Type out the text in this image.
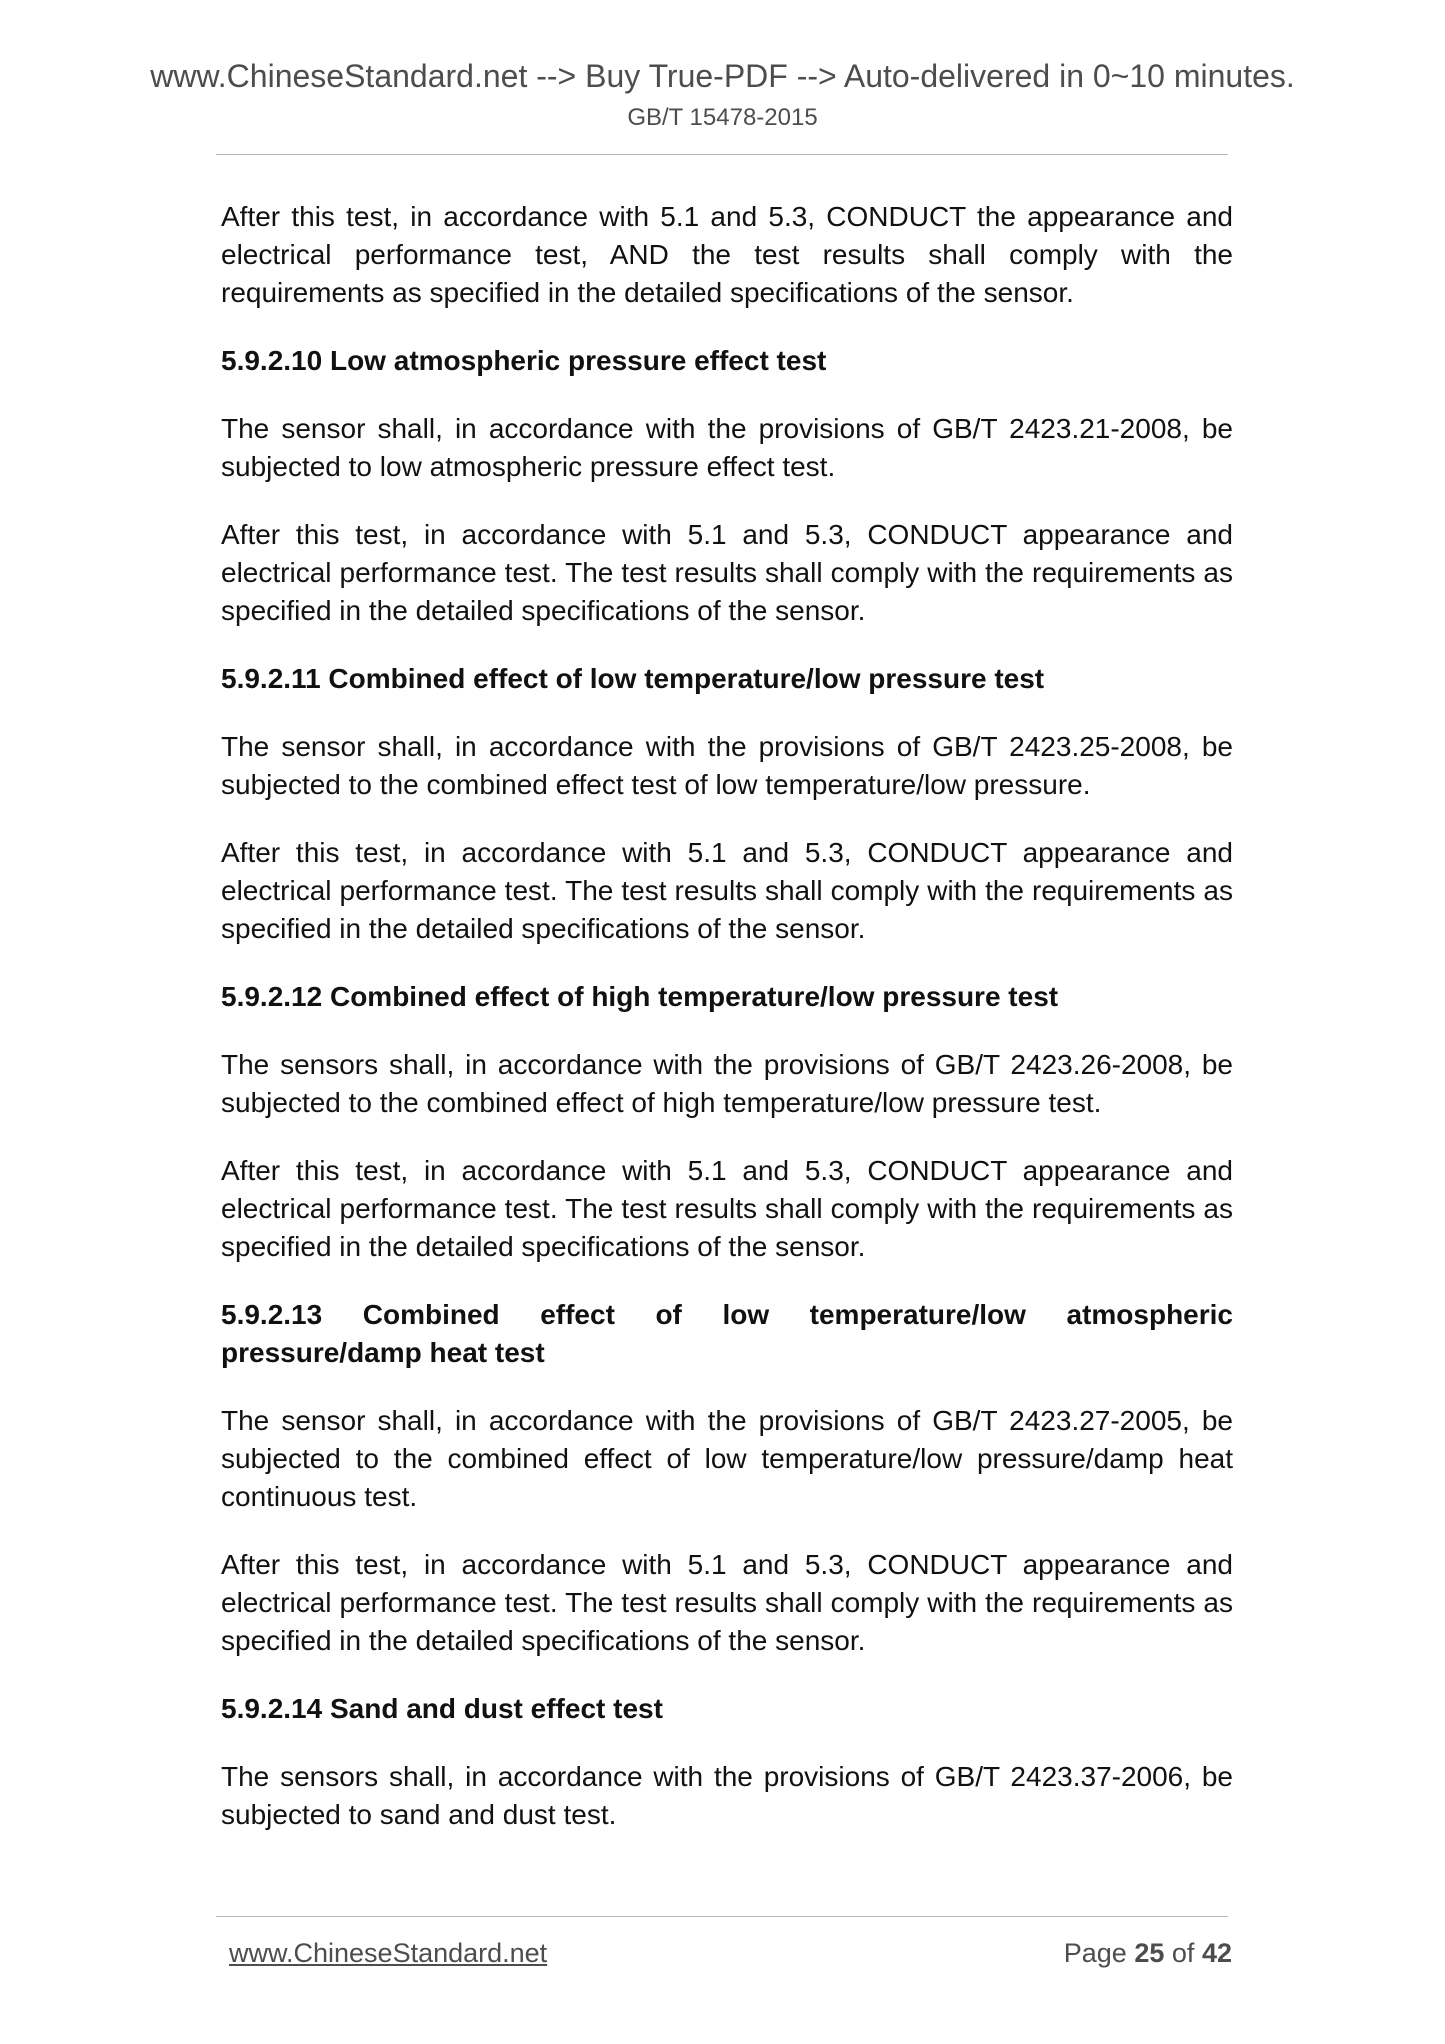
www.ChineseStandard.net --> Buy True-PDF --> Auto-delivered in 0~10 minutes.
GB/T 15478-2015

After this test, in accordance with 5.1 and 5.3, CONDUCT the appearance and electrical performance test, AND the test results shall comply with the requirements as specified in the detailed specifications of the sensor.

5.9.2.10 Low atmospheric pressure effect test

The sensor shall, in accordance with the provisions of GB/T 2423.21-2008, be subjected to low atmospheric pressure effect test.

After this test, in accordance with 5.1 and 5.3, CONDUCT appearance and electrical performance test. The test results shall comply with the requirements as specified in the detailed specifications of the sensor.

5.9.2.11 Combined effect of low temperature/low pressure test

The sensor shall, in accordance with the provisions of GB/T 2423.25-2008, be subjected to the combined effect test of low temperature/low pressure.

After this test, in accordance with 5.1 and 5.3, CONDUCT appearance and electrical performance test. The test results shall comply with the requirements as specified in the detailed specifications of the sensor.

5.9.2.12 Combined effect of high temperature/low pressure test

The sensors shall, in accordance with the provisions of GB/T 2423.26-2008, be subjected to the combined effect of high temperature/low pressure test.

After this test, in accordance with 5.1 and 5.3, CONDUCT appearance and electrical performance test. The test results shall comply with the requirements as specified in the detailed specifications of the sensor.

5.9.2.13 Combined effect of low temperature/low atmospheric pressure/damp heat test

The sensor shall, in accordance with the provisions of GB/T 2423.27-2005, be subjected to the combined effect of low temperature/low pressure/damp heat continuous test.

After this test, in accordance with 5.1 and 5.3, CONDUCT appearance and electrical performance test. The test results shall comply with the requirements as specified in the detailed specifications of the sensor.

5.9.2.14 Sand and dust effect test

The sensors shall, in accordance with the provisions of GB/T 2423.37-2006, be subjected to sand and dust test.

www.ChineseStandard.net	Page 25 of 42
